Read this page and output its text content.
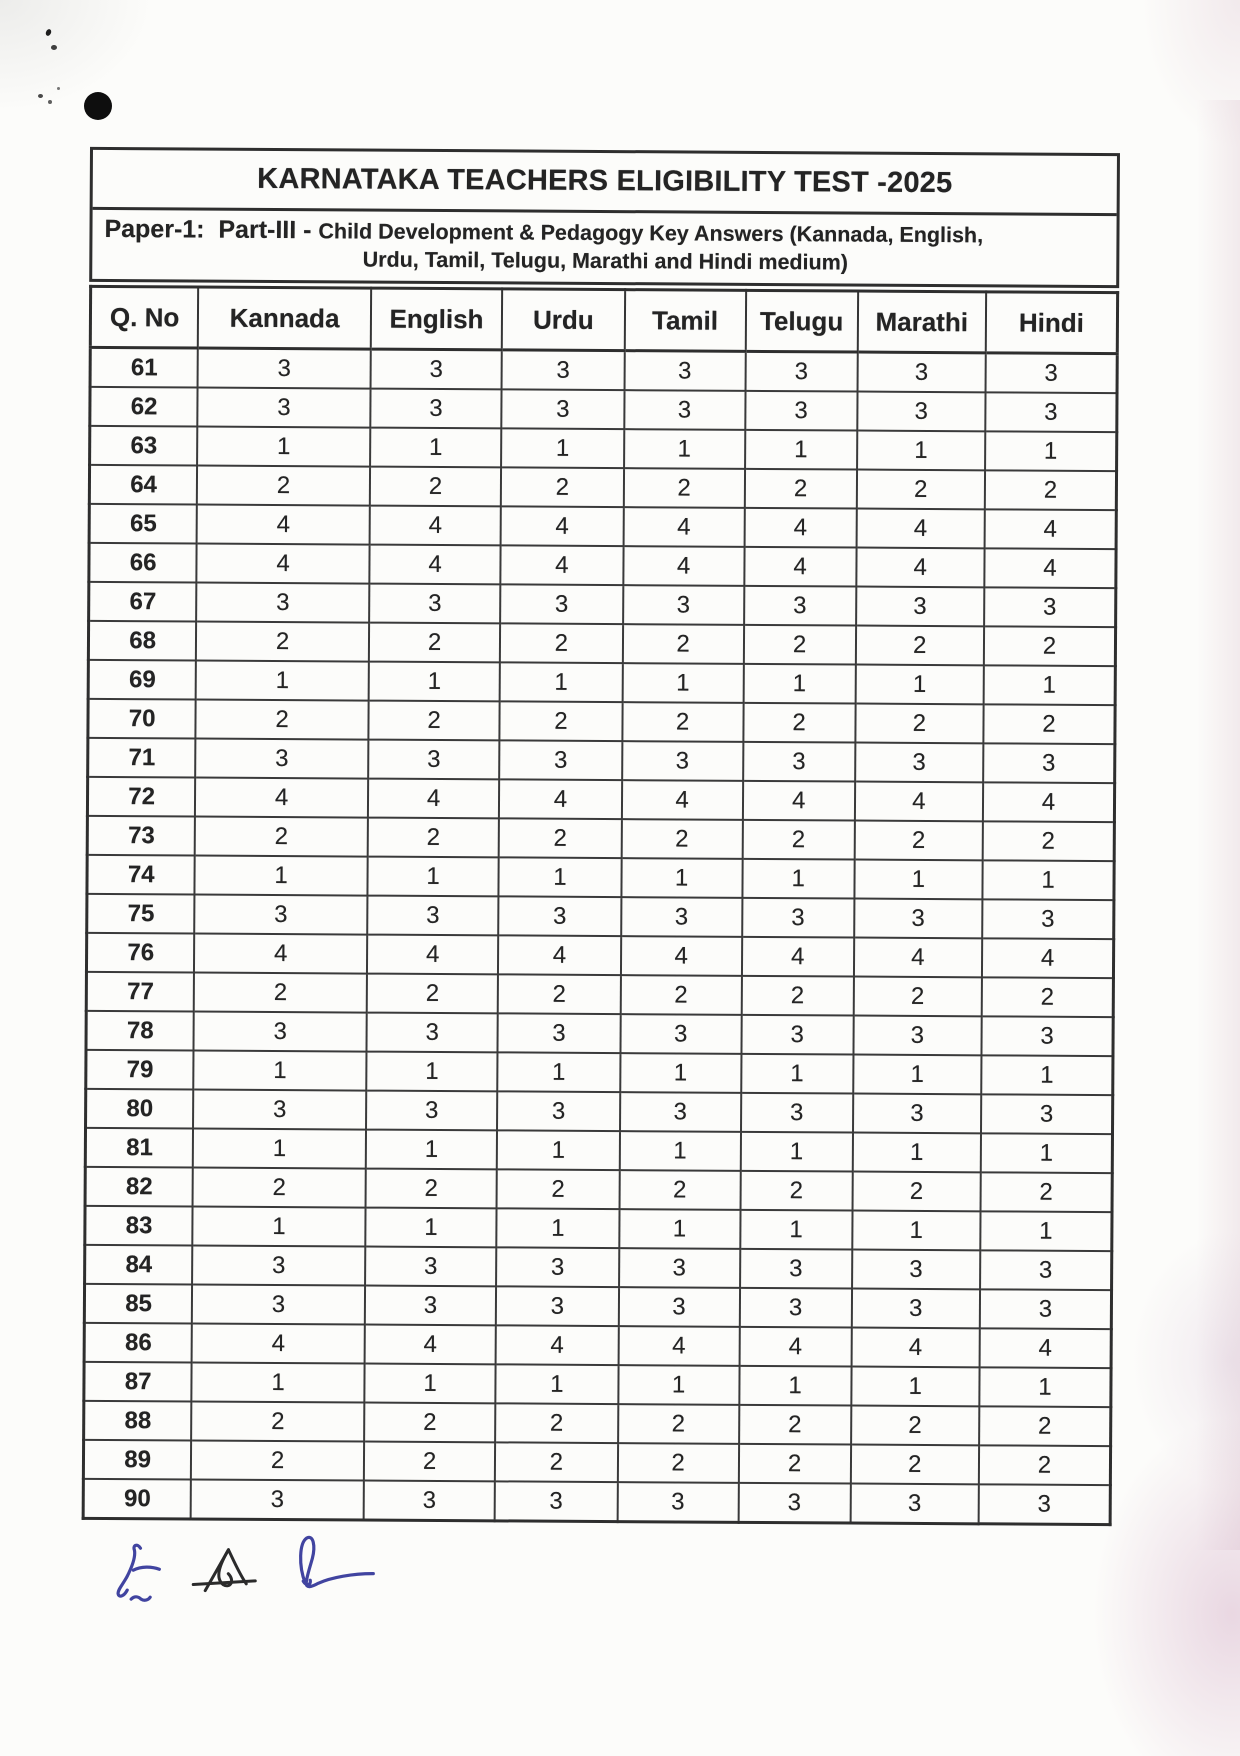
KARNATAKA TEACHERS ELIGIBILITY TEST -2025
Paper-1:  Part-III - Child Development & Pedagogy Key Answers (Kannada, English,
Urdu, Tamil, Telugu, Marathi and Hindi medium)
Q. No	Kannada	English	Urdu	Tamil	Telugu	Marathi	Hindi
61	3	3	3	3	3	3	3
62	3	3	3	3	3	3	3
63	1	1	1	1	1	1	1
64	2	2	2	2	2	2	2
65	4	4	4	4	4	4	4
66	4	4	4	4	4	4	4
67	3	3	3	3	3	3	3
68	2	2	2	2	2	2	2
69	1	1	1	1	1	1	1
70	2	2	2	2	2	2	2
71	3	3	3	3	3	3	3
72	4	4	4	4	4	4	4
73	2	2	2	2	2	2	2
74	1	1	1	1	1	1	1
75	3	3	3	3	3	3	3
76	4	4	4	4	4	4	4
77	2	2	2	2	2	2	2
78	3	3	3	3	3	3	3
79	1	1	1	1	1	1	1
80	3	3	3	3	3	3	3
81	1	1	1	1	1	1	1
82	2	2	2	2	2	2	2
83	1	1	1	1	1	1	1
84	3	3	3	3	3	3	3
85	3	3	3	3	3	3	3
86	4	4	4	4	4	4	4
87	1	1	1	1	1	1	1
88	2	2	2	2	2	2	2
89	2	2	2	2	2	2	2
90	3	3	3	3	3	3	3
